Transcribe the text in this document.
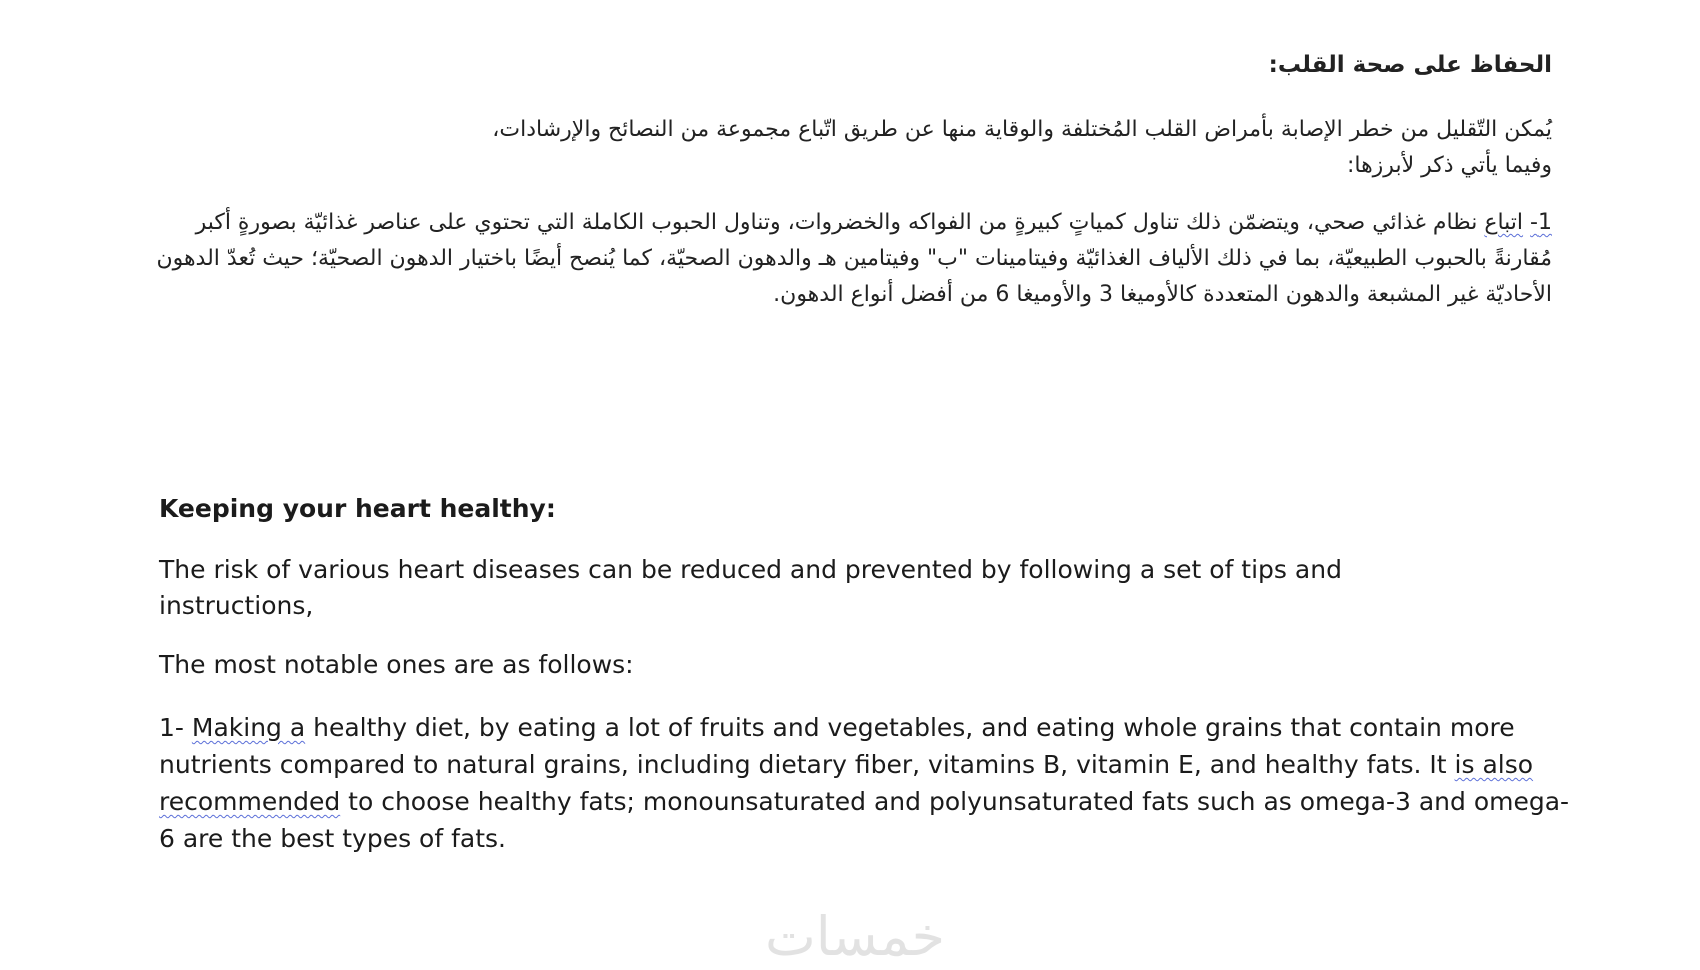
الحفاظ على صحة القلب:
يُمكن التّقليل من خطر الإصابة بأمراض القلب المُختلفة والوقاية منها عن طريق اتّباع مجموعة من النصائح والإرشادات،
وفيما يأتي ذكر لأبرزها:
1- اتباع نظام غذائي صحي، ويتضمّن ذلك تناول كمياتٍ كبيرةٍ من الفواكه والخضروات، وتناول الحبوب الكاملة التي تحتوي على عناصر غذائيّة بصورةٍ أكبر مُقارنةً بالحبوب الطبيعيّة، بما في ذلك الألياف الغذائيّة وفيتامينات "ب" وفيتامين هـ والدهون الصحيّة، كما يُنصح أيضًا باختيار الدهون الصحيّة؛ حيث تُعدّ الدهون الأحاديّة غير المشبعة والدهون المتعددة كالأوميغا 3 والأوميغا 6 من أفضل أنواع الدهون.
Keeping your heart healthy:
The risk of various heart diseases can be reduced and prevented by following a set of tips and
instructions,
The most notable ones are as follows:
1- Making a healthy diet, by eating a lot of fruits and vegetables, and eating whole grains that contain more nutrients compared to natural grains, including dietary fiber, vitamins B, vitamin E, and healthy fats. It is also recommended to choose healthy fats; monounsaturated and polyunsaturated fats such as omega-3 and omega-6 are the best types of fats.
خمسات
